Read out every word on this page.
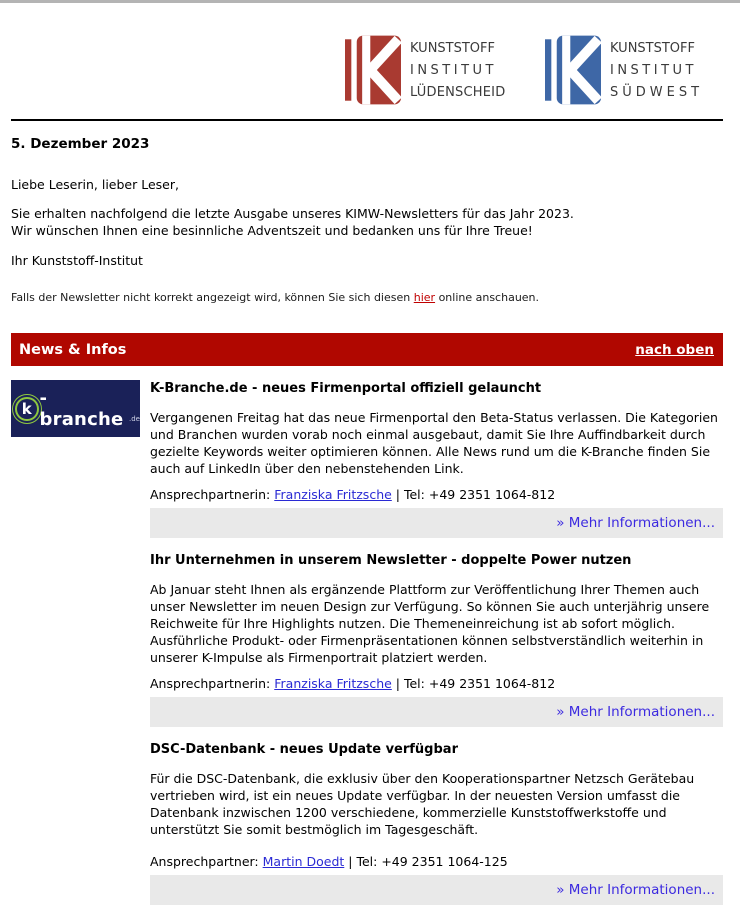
KUNSTSTOFF
INSTITUT
LÜDENSCHEID
KUNSTSTOFF
INSTITUT
SÜDWEST
5. Dezember 2023
Liebe Leserin, lieber Leser,
Sie erhalten nachfolgend die letzte Ausgabe unseres KIMW-Newsletters für das Jahr 2023.
Wir wünschen Ihnen eine besinnliche Adventszeit und bedanken uns für Ihre Treue!
Ihr Kunststoff-Institut
Falls der Newsletter nicht korrekt angezeigt wird, können Sie sich diesen hier online anschauen.
News & Infos	nach oben
k -branche .de
K-Branche.de - neues Firmenportal offiziell gelauncht
Vergangenen Freitag hat das neue Firmenportal den Beta-Status verlassen. Die Kategorien und Branchen wurden vorab noch einmal ausgebaut, damit Sie Ihre Auffindbarkeit durch gezielte Keywords weiter optimieren können. Alle News rund um die K-Branche finden Sie auch auf LinkedIn über den nebenstehenden Link.
Ansprechpartnerin: Franziska Fritzsche | Tel: +49 2351 1064-812
» Mehr Informationen...
Ihr Unternehmen in unserem Newsletter - doppelte Power nutzen
Ab Januar steht Ihnen als ergänzende Plattform zur Veröffentlichung Ihrer Themen auch unser Newsletter im neuen Design zur Verfügung. So können Sie auch unterjährig unsere Reichweite für Ihre Highlights nutzen. Die Themeneinreichung ist ab sofort möglich. Ausführliche Produkt- oder Firmenpräsentationen können selbstverständlich weiterhin in unserer K-Impulse als Firmenportrait platziert werden.
Ansprechpartnerin: Franziska Fritzsche | Tel: +49 2351 1064-812
» Mehr Informationen...
DSC-Datenbank - neues Update verfügbar
Für die DSC-Datenbank, die exklusiv über den Kooperationspartner Netzsch Gerätebau vertrieben wird, ist ein neues Update verfügbar. In der neuesten Version umfasst die Datenbank inzwischen 1200 verschiedene, kommerzielle Kunststoffwerkstoffe und unterstützt Sie somit bestmöglich im Tagesgeschäft.
Ansprechpartner: Martin Doedt | Tel: +49 2351 1064-125
» Mehr Informationen...
